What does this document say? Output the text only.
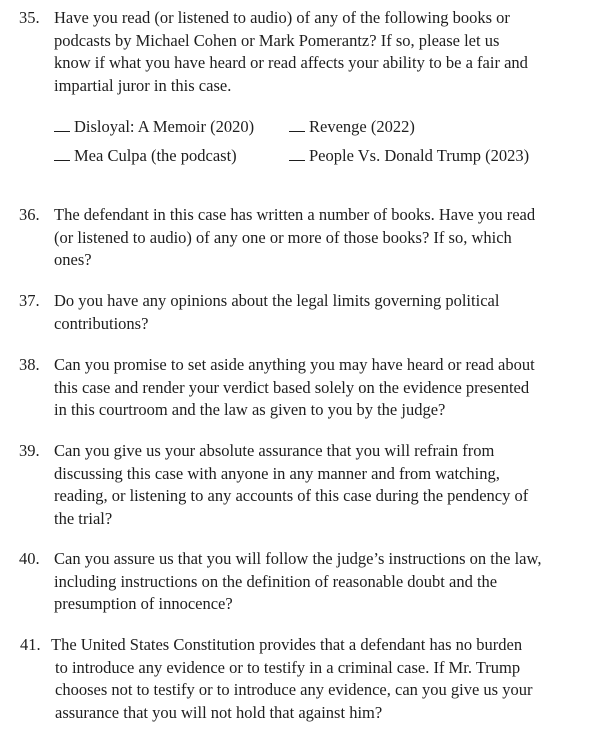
35. Have you read (or listened to audio) of any of the following books or
podcasts by Michael Cohen or Mark Pomerantz? If so, please let us
know if what you have heard or read affects your ability to be a fair and
impartial juror in this case.
Disloyal: A Memoir (2020)	Revenge (2022)
Mea Culpa (the podcast)	People Vs. Donald Trump (2023)
36. The defendant in this case has written a number of books. Have you read
(or listened to audio) of any one or more of those books? If so, which
ones?
37. Do you have any opinions about the legal limits governing political
contributions?
38. Can you promise to set aside anything you may have heard or read about
this case and render your verdict based solely on the evidence presented
in this courtroom and the law as given to you by the judge?
39. Can you give us your absolute assurance that you will refrain from
discussing this case with anyone in any manner and from watching,
reading, or listening to any accounts of this case during the pendency of
the trial?
40. Can you assure us that you will follow the judge’s instructions on the law,
including instructions on the definition of reasonable doubt and the
presumption of innocence?
41. The United States Constitution provides that a defendant has no burden
to introduce any evidence or to testify in a criminal case. If Mr. Trump
chooses not to testify or to introduce any evidence, can you give us your
assurance that you will not hold that against him?
